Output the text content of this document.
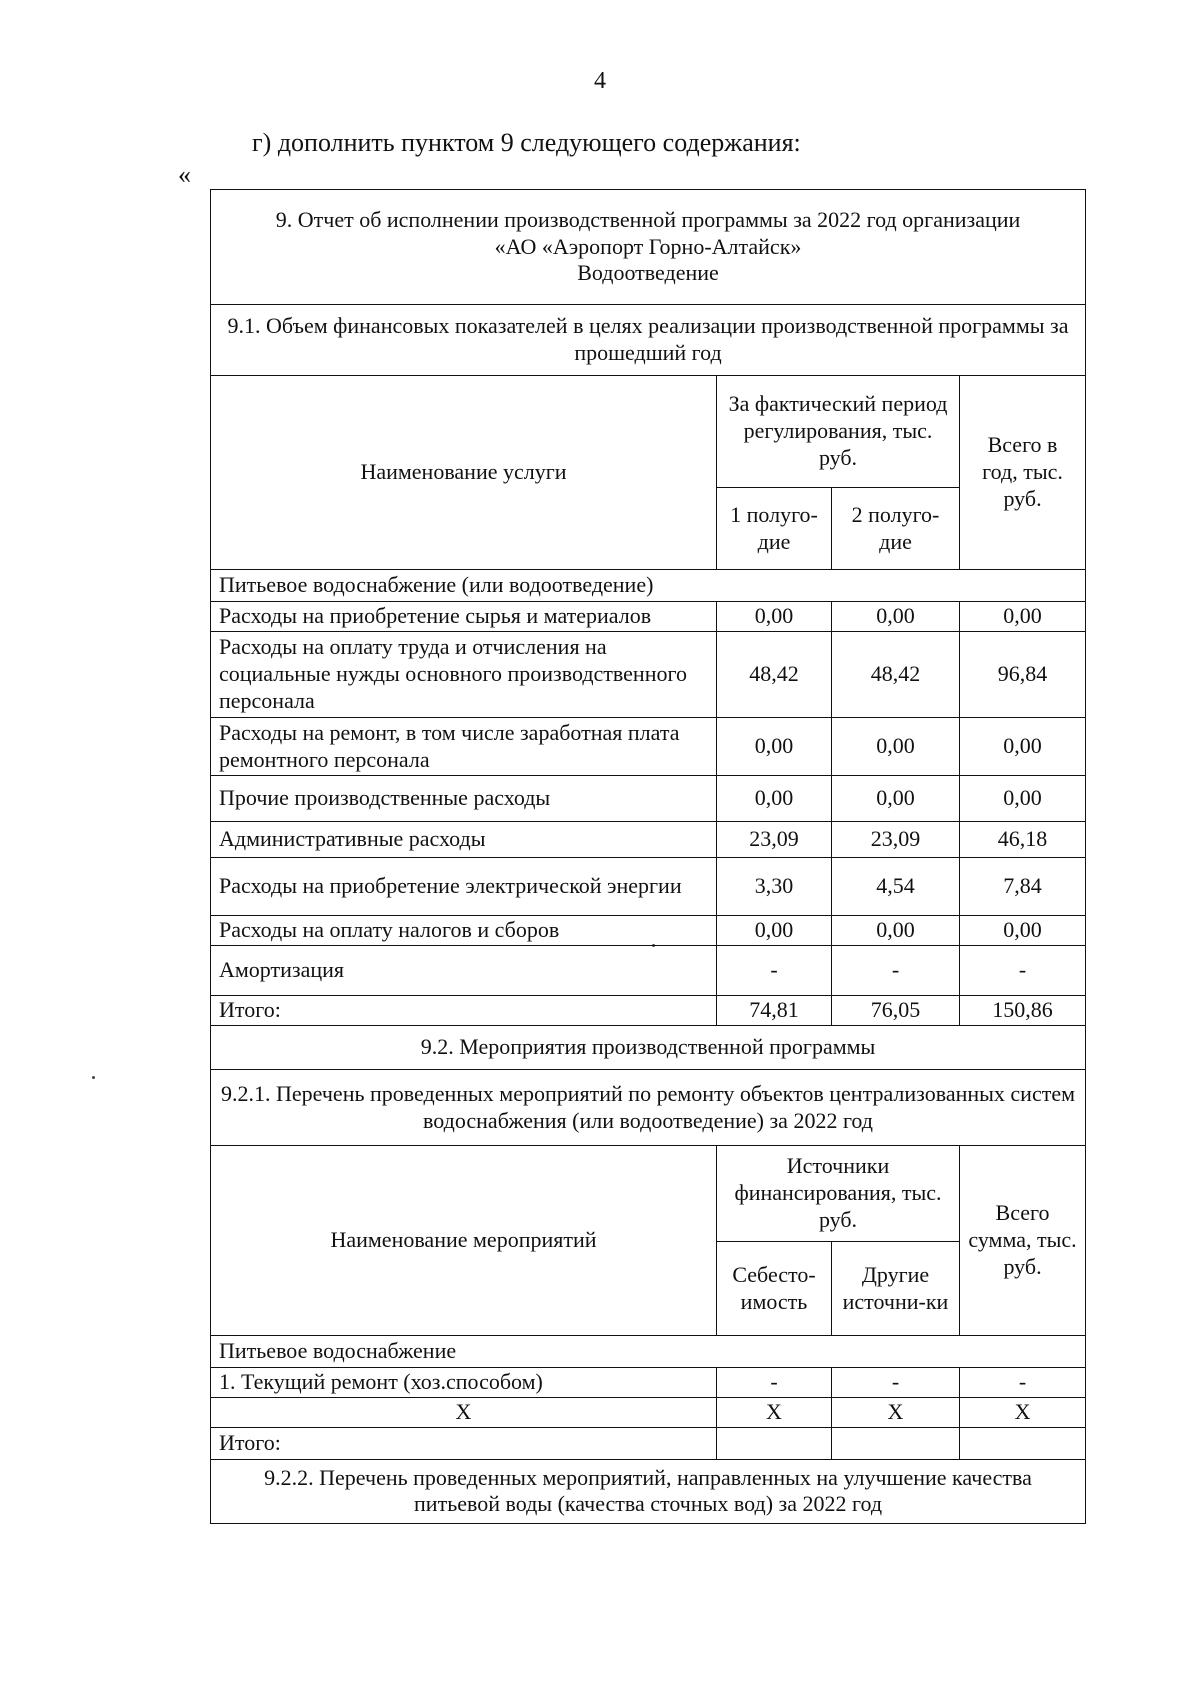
4
г) дополнить пунктом 9 следующего содержания:
«
9. Отчет об исполнении производственной программы за 2022 год организации
«АО «Аэропорт Горно-Алтайск»
Водоотведение			

9.1. Объем финансовых показателей в целях реализации производственной программы за прошедший год			
Наименование услуги	За фактический период регулирования, тыс. руб.		Всего в год, тыс. руб.
	1 полуго-дие	2 полуго-дие	
Питьевое водоснабжение (или водоотведение)			
Расходы на приобретение сырья и материалов	0,00	0,00	0,00
Расходы на оплату труда и отчисления на социальные нужды основного производственного персонала	48,42	48,42	96,84
Расходы на ремонт, в том числе заработная плата ремонтного персонала	0,00	0,00	0,00
Прочие производственные расходы	0,00	0,00	0,00
Административные расходы	23,09	23,09	46,18
Расходы на приобретение электрической энергии	3,30	4,54	7,84
Расходы на оплату налогов и сборов	0,00	0,00	0,00
Амортизация	-	-	-
Итого:	74,81	76,05	150,86
9.2. Мероприятия производственной программы			
9.2.1. Перечень проведенных мероприятий по ремонту объектов централизованных систем водоснабжения (или водоотведение) за 2022 год			
Наименование мероприятий	Источники финансирования, тыс. руб.		Всего сумма, тыс. руб.
	Себесто-имость	Другие источни-ки	
Питьевое водоснабжение			
1. Текущий ремонт (хоз.способом)	-	-	-
X	X	X	X
Итого:			
9.2.2. Перечень проведенных мероприятий, направленных на улучшение качества питьевой воды (качества сточных вод) за 2022 год			
